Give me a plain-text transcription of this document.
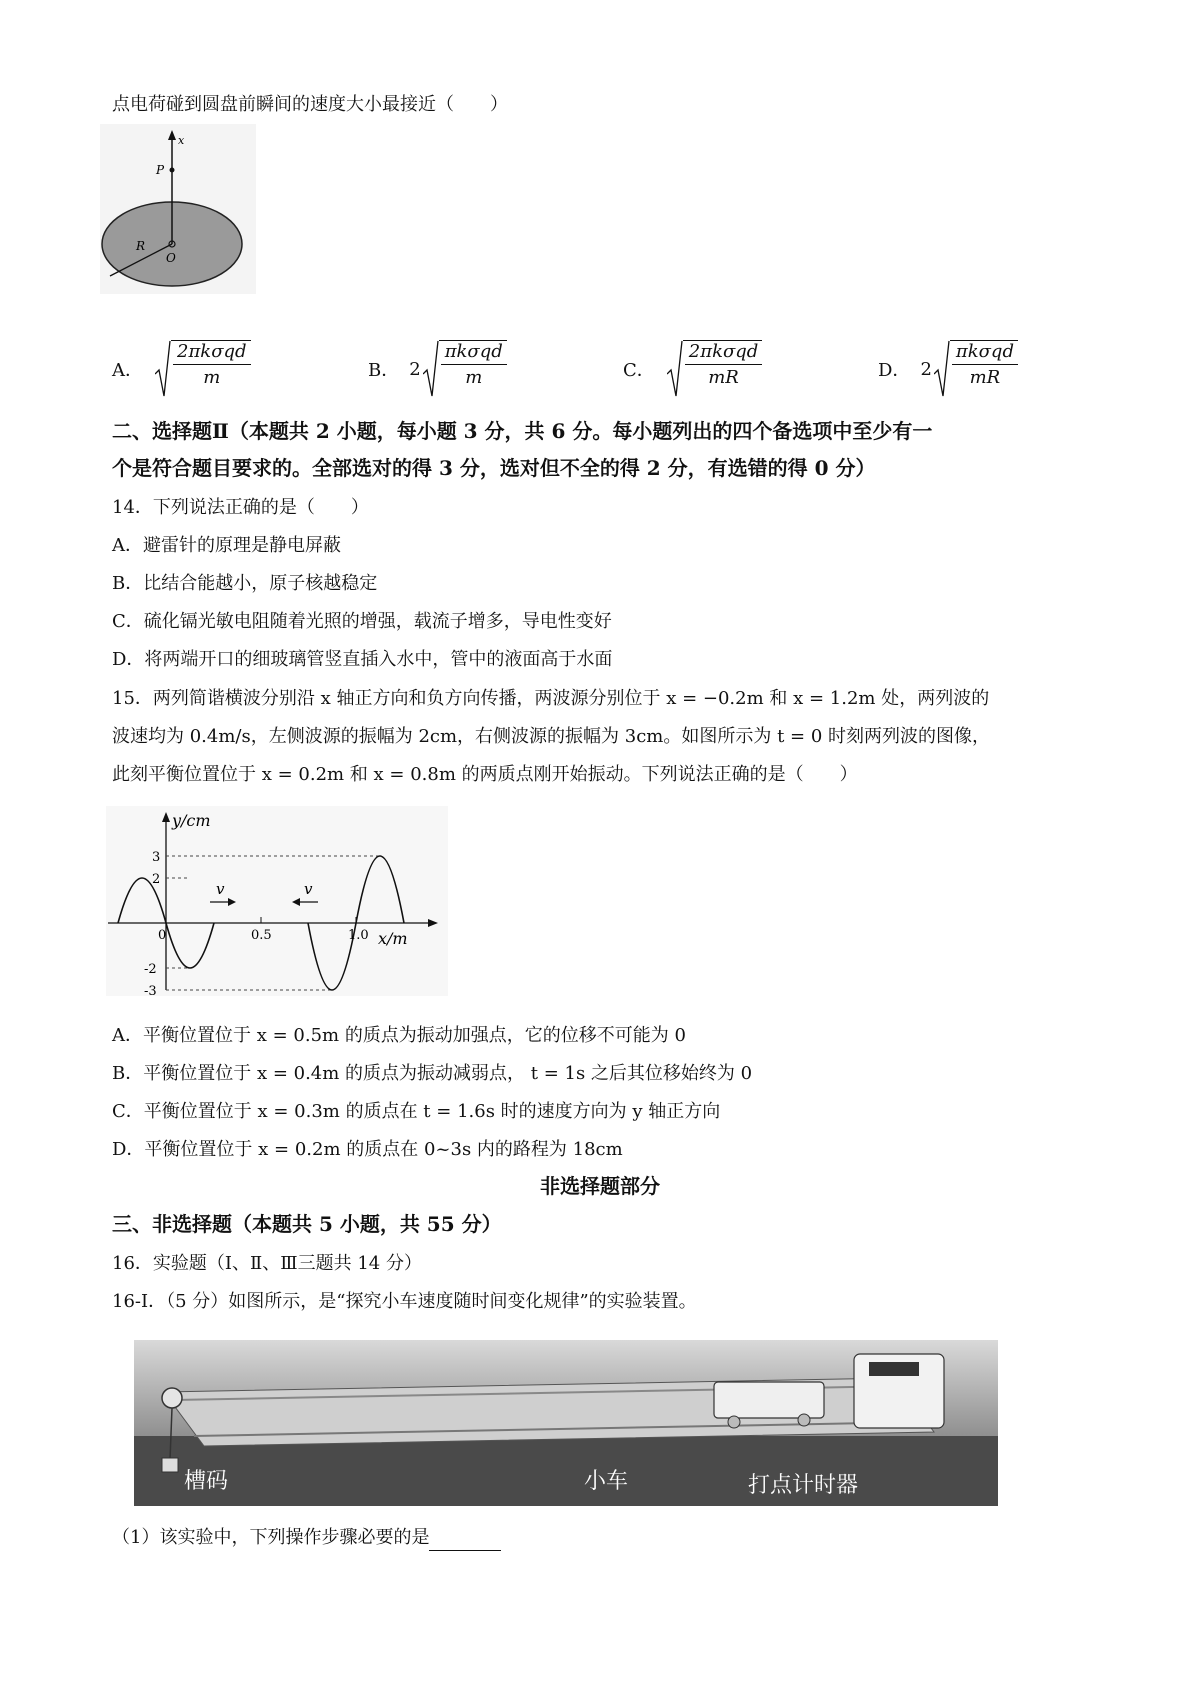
点电荷碰到圆盘前瞬间的速度大小最接近（　　）
x
P
R
O
A． $\frac{\text{2πkσqd}}{m}$	B． $2 \frac{\text{πkσqd}}{m}$	C． $\frac{\text{2πkσqd}}{mR}$	D． $2 \frac{\text{πkσqd}}{mR}$
二、选择题Ⅱ（本题共 2 小题，每小题 3 分，共 6 分。每小题列出的四个备选项中至少有一
个是符合题目要求的。全部选对的得 3 分，选对但不全的得 2 分，有选错的得 0 分）
14．下列说法正确的是（　　）
A．避雷针的原理是静电屏蔽
B．比结合能越小，原子核越稳定
C．硫化镉光敏电阻随着光照的增强，载流子增多，导电性变好
D．将两端开口的细玻璃管竖直插入水中，管中的液面高于水面
15．两列简谐横波分别沿 x 轴正方向和负方向传播，两波源分别位于 x = −0.2m 和 x = 1.2m 处，两列波的
波速均为 0.4m/s，左侧波源的振幅为 2cm，右侧波源的振幅为 3cm。如图所示为 t = 0 时刻两列波的图像，
此刻平衡位置位于 x = 0.2m 和 x = 0.8m 的两质点刚开始振动。下列说法正确的是（　　）
y/cm
x/m
3
2
-2
-3
0	0.5	1.0
v	v
A．平衡位置位于 x = 0.5m 的质点为振动加强点，它的位移不可能为 0
B．平衡位置位于 x = 0.4m 的质点为振动减弱点， t = 1s 之后其位移始终为 0
C．平衡位置位于 x = 0.3m 的质点在 t = 1.6s 时的速度方向为 y 轴正方向
D．平衡位置位于 x = 0.2m 的质点在 0~3s 内的路程为 18cm
非选择题部分
三、非选择题（本题共 5 小题，共 55 分）
16．实验题（Ⅰ、Ⅱ、Ⅲ三题共 14 分）
16-Ⅰ．（5 分）如图所示，是“探究小车速度随时间变化规律”的实验装置。
槽码	小车	打点计时器
（1）该实验中，下列操作步骤必要的是
